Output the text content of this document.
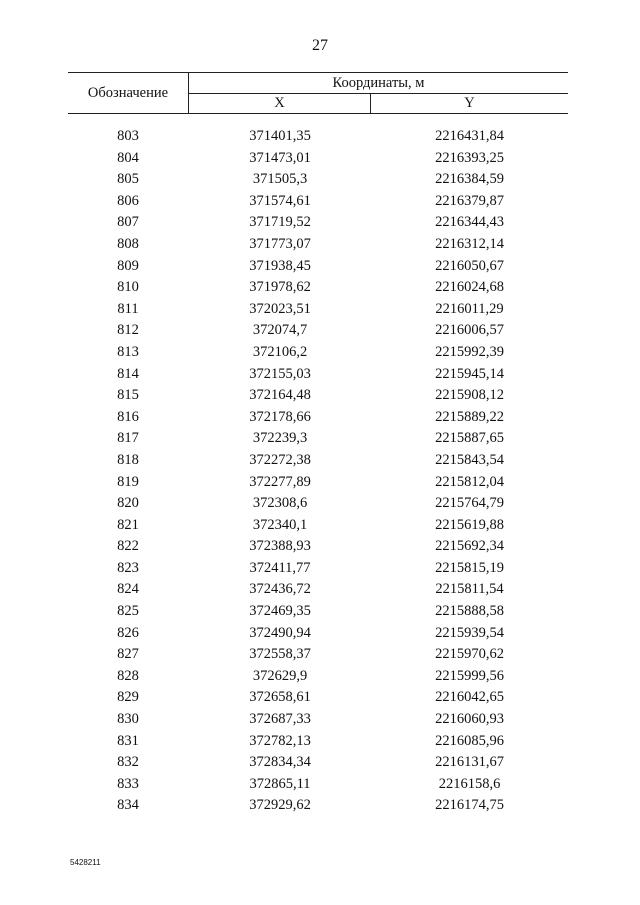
27
Обозначение
Координаты, м
X	Y
803	371401,35	2216431,84
804	371473,01	2216393,25
805	371505,3	2216384,59
806	371574,61	2216379,87
807	371719,52	2216344,43
808	371773,07	2216312,14
809	371938,45	2216050,67
810	371978,62	2216024,68
811	372023,51	2216011,29
812	372074,7	2216006,57
813	372106,2	2215992,39
814	372155,03	2215945,14
815	372164,48	2215908,12
816	372178,66	2215889,22
817	372239,3	2215887,65
818	372272,38	2215843,54
819	372277,89	2215812,04
820	372308,6	2215764,79
821	372340,1	2215619,88
822	372388,93	2215692,34
823	372411,77	2215815,19
824	372436,72	2215811,54
825	372469,35	2215888,58
826	372490,94	2215939,54
827	372558,37	2215970,62
828	372629,9	2215999,56
829	372658,61	2216042,65
830	372687,33	2216060,93
831	372782,13	2216085,96
832	372834,34	2216131,67
833	372865,11	2216158,6
834	372929,62	2216174,75
5428211
